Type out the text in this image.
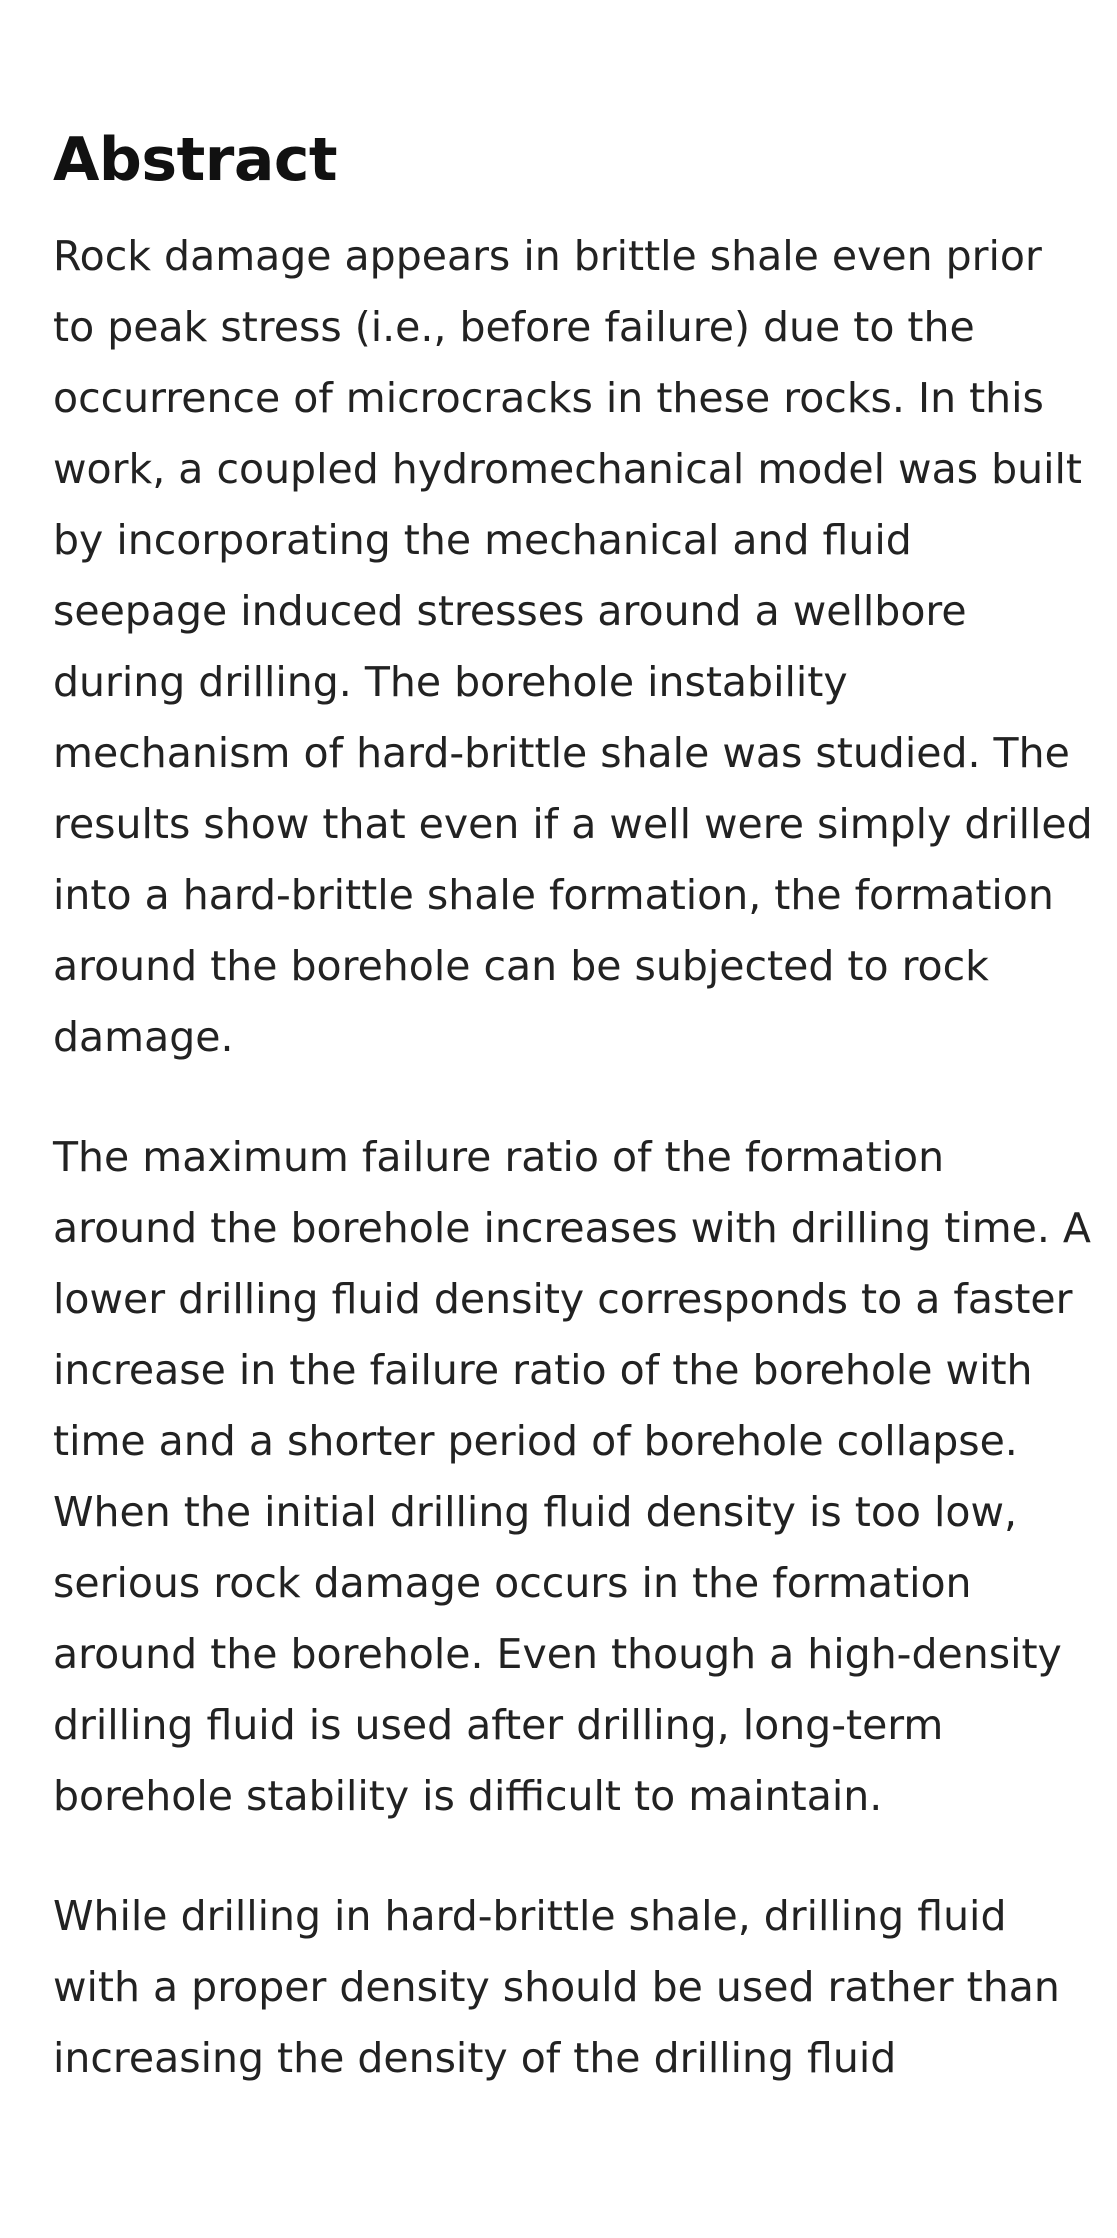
Abstract

Rock damage appears in brittle shale even prior to peak stress (i.e., before failure) due to the occurrence of microcracks in these rocks. In this work, a coupled hydromechanical model was built by incorporating the mechanical and fluid seepage induced stresses around a wellbore during drilling. The borehole instability mechanism of hard-brittle shale was studied. The results show that even if a well were simply drilled into a hard-brittle shale formation, the formation around the borehole can be subjected to rock damage.

The maximum failure ratio of the formation around the borehole increases with drilling time. A lower drilling fluid density corresponds to a faster increase in the failure ratio of the borehole with time and a shorter period of borehole collapse. When the initial drilling fluid density is too low, serious rock damage occurs in the formation around the borehole. Even though a high-density drilling fluid is used after drilling, long-term borehole stability is difficult to maintain.

While drilling in hard-brittle shale, drilling fluid with a proper density should be used rather than increasing the density of the drilling fluid
